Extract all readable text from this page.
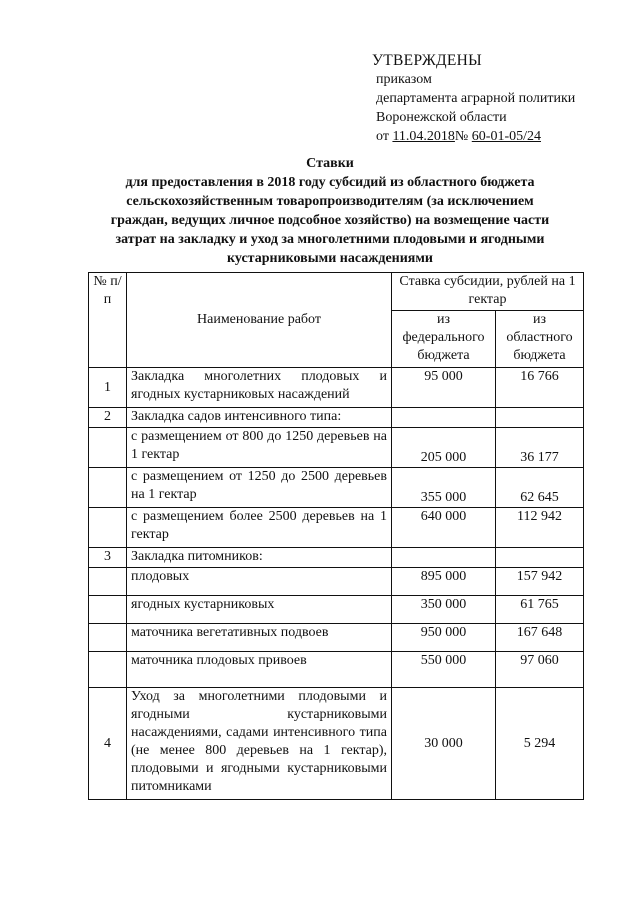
УТВЕРЖДЕНЫ
приказом
департамента аграрной политики
Воронежской области
от 11.04.2018№ 60-01-05/24
Ставки
для предоставления в 2018 году субсидий из областного бюджета
сельскохозяйственным товаропроизводителям (за исключением
граждан, ведущих личное подсобное хозяйство) на возмещение части
затрат на закладку и уход за многолетними плодовыми и ягодными
кустарниковыми насаждениями
№ п/п	Наименование работ	Ставка субсидии, рублей на 1 гектар	
		из федерального бюджета	из областного бюджета
1	Закладка многолетних плодовых и ягодных кустарниковых насаждений	95 000	16 766
2	Закладка садов интенсивного типа:		
	с размещением от 800 до 1250 деревьев на 1 гектар	205 000	36 177
	с размещением от 1250 до 2500 деревьев на 1 гектар	355 000	62 645
	с размещением более 2500 деревьев на 1 гектар	640 000	112 942
3	Закладка питомников:		
	плодовых	895 000	157 942
	ягодных кустарниковых	350 000	61 765
	маточника вегетативных подвоев	950 000	167 648
	маточника плодовых привоев	550 000	97 060
4	Уход за многолетними плодовыми и ягодными кустарниковыми насаждениями, садами интенсивного типа (не менее 800 деревьев на 1 гектар), плодовыми и ягодными кустарниковыми питомниками	30 000	5 294
